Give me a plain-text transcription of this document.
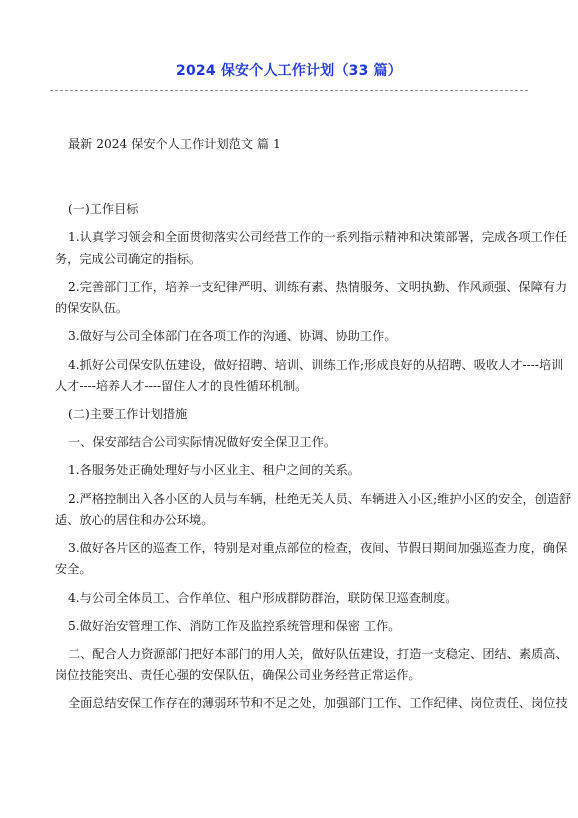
2024 保安个人工作计划（33 篇）
最新 2024 保安个人工作计划范文 篇 1
(一)工作目标
1.认真学习领会和全面贯彻落实公司经营工作的一系列指示精神和决策部署，完成各项工作任
务，完成公司确定的指标。
2.完善部门工作，培养一支纪律严明、训练有素、热情服务、文明执勤、作风顽强、保障有力
的保安队伍。
3.做好与公司全体部门在各项工作的沟通、协调、协助工作。
4.抓好公司保安队伍建设，做好招聘、培训、训练工作;形成良好的从招聘、吸收人才----培训
人才----培养人才----留住人才的良性循环机制。
(二)主要工作计划措施
一、保安部结合公司实际情况做好安全保卫工作。
1.各服务处正确处理好与小区业主、租户之间的关系。
2.严格控制出入各小区的人员与车辆，杜绝无关人员、车辆进入小区;维护小区的安全，创造舒
适、放心的居住和办公环境。
3.做好各片区的巡查工作，特别是对重点部位的检查，夜间、节假日期间加强巡查力度，确保
安全。
4.与公司全体员工、合作单位、租户形成群防群治，联防保卫巡查制度。
5.做好治安管理工作、消防工作及监控系统管理和保密 工作。
二、配合人力资源部门把好本部门的用人关，做好队伍建设，打造一支稳定、团结、素质高、
岗位技能突出、责任心强的安保队伍，确保公司业务经营正常运作。
全面总结安保工作存在的薄弱环节和不足之处，加强部门工作、工作纪律、岗位责任、岗位技
